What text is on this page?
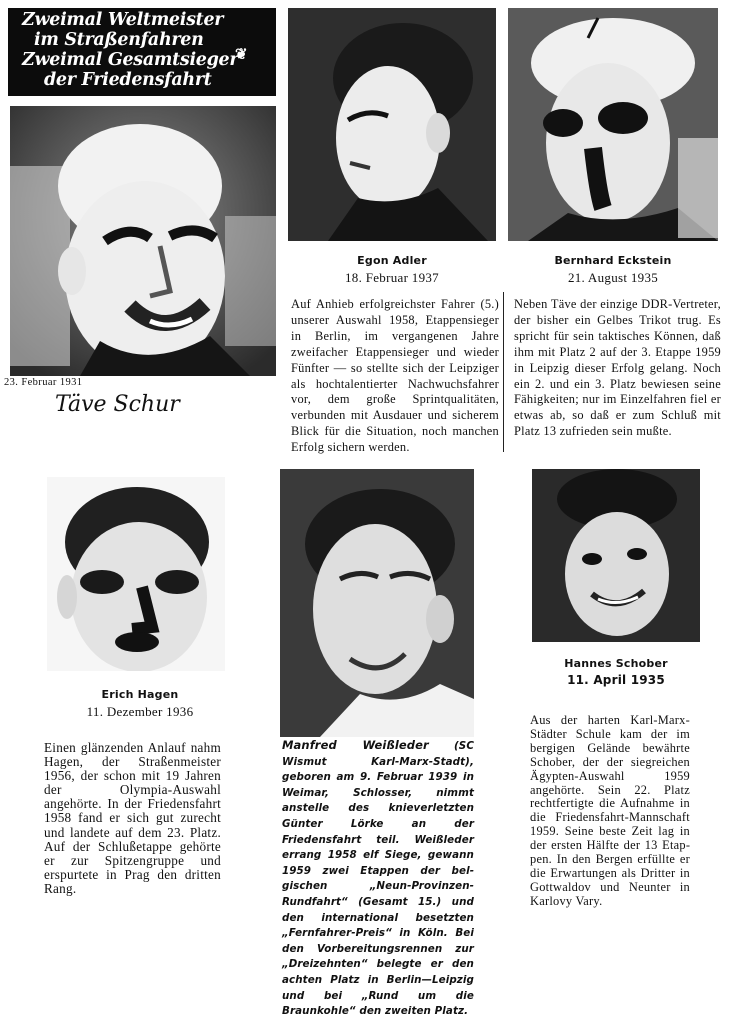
Zweimal Weltmeister
im Straßenfahren
Zweimal Gesamtsieger
der Friedensfahrt
❦
23. Februar 1931
Täve Schur
Egon Adler
18. Februar 1937
Auf Anhieb erfolgreichster Fahrer (5.) unserer Auswahl 1958, Etappensieger in Berlin, im vergangenen Jahre zweifacher Etappensieger und wieder Fünfter — so stellte sich der Leipziger als hochtalentierter Nachwuchsfahrer vor, dem große Sprintqualitäten, verbunden mit Ausdauer und sicherem Blick für die Situation, noch manchen Erfolg sichern werden.
Bernhard Eckstein
21. August 1935
Neben Täve der einzige DDR-Vertreter, der bisher ein Gelbes Trikot trug. Es spricht für sein taktisches Können, daß ihm mit Platz 2 auf der 3. Etappe 1959 in Leipzig dieser Erfolg gelang. Noch ein 2. und ein 3. Platz bewiesen seine Fähigkeiten; nur im Einzelfahren fiel er etwas ab, so daß er zum Schluß mit Platz 13 zufrieden sein mußte.
Erich Hagen
11. Dezember 1936
Einen glänzenden Anlauf nahm Hagen, der Straßenmeister 1956, der schon mit 19 Jahren der Olympia-Auswahl angehörte. In der Friedensfahrt 1958 fand er sich gut zurecht und landete auf dem 23. Platz. Auf der Schlußetappe gehörte er zur Spitzengruppe und erspurtete in Prag den dritten Rang.
Manfred Weißleder (SC Wismut Karl-Marx-Stadt), geboren am 9. Februar 1939 in Weimar, Schlosser, nimmt anstelle des knieverletzten Günter Lörke an der Friedensfahrt teil. Weißleder errang 1958 elf Siege, gewann 1959 zwei Etappen der belgischen „Neun-Provinzen-Rundfahrt“ (Gesamt 15.) und den international besetzten „Fernfahrer-Preis“ in Köln. Bei den Vorbereitungsrennen zur „Dreizehnten“ belegte er den achten Platz in Berlin—Leipzig und bei „Rund um die Braunkohle“ den zweiten Platz.
Hannes Schober
11. April 1935
Aus der harten Karl-Marx-Städter Schule kam der im bergigen Gelände bewährte Schober, der der siegreichen Ägypten-Auswahl 1959 angehörte. Sein 22. Platz rechtfertigte die Aufnahme in die Friedensfahrt-Mannschaft 1959. Seine beste Zeit lag in der ersten Hälfte der 13 Etappen. In den Bergen erfüllte er die Erwartungen als Dritter in Gottwaldov und Neunter in Karlovy Vary.
